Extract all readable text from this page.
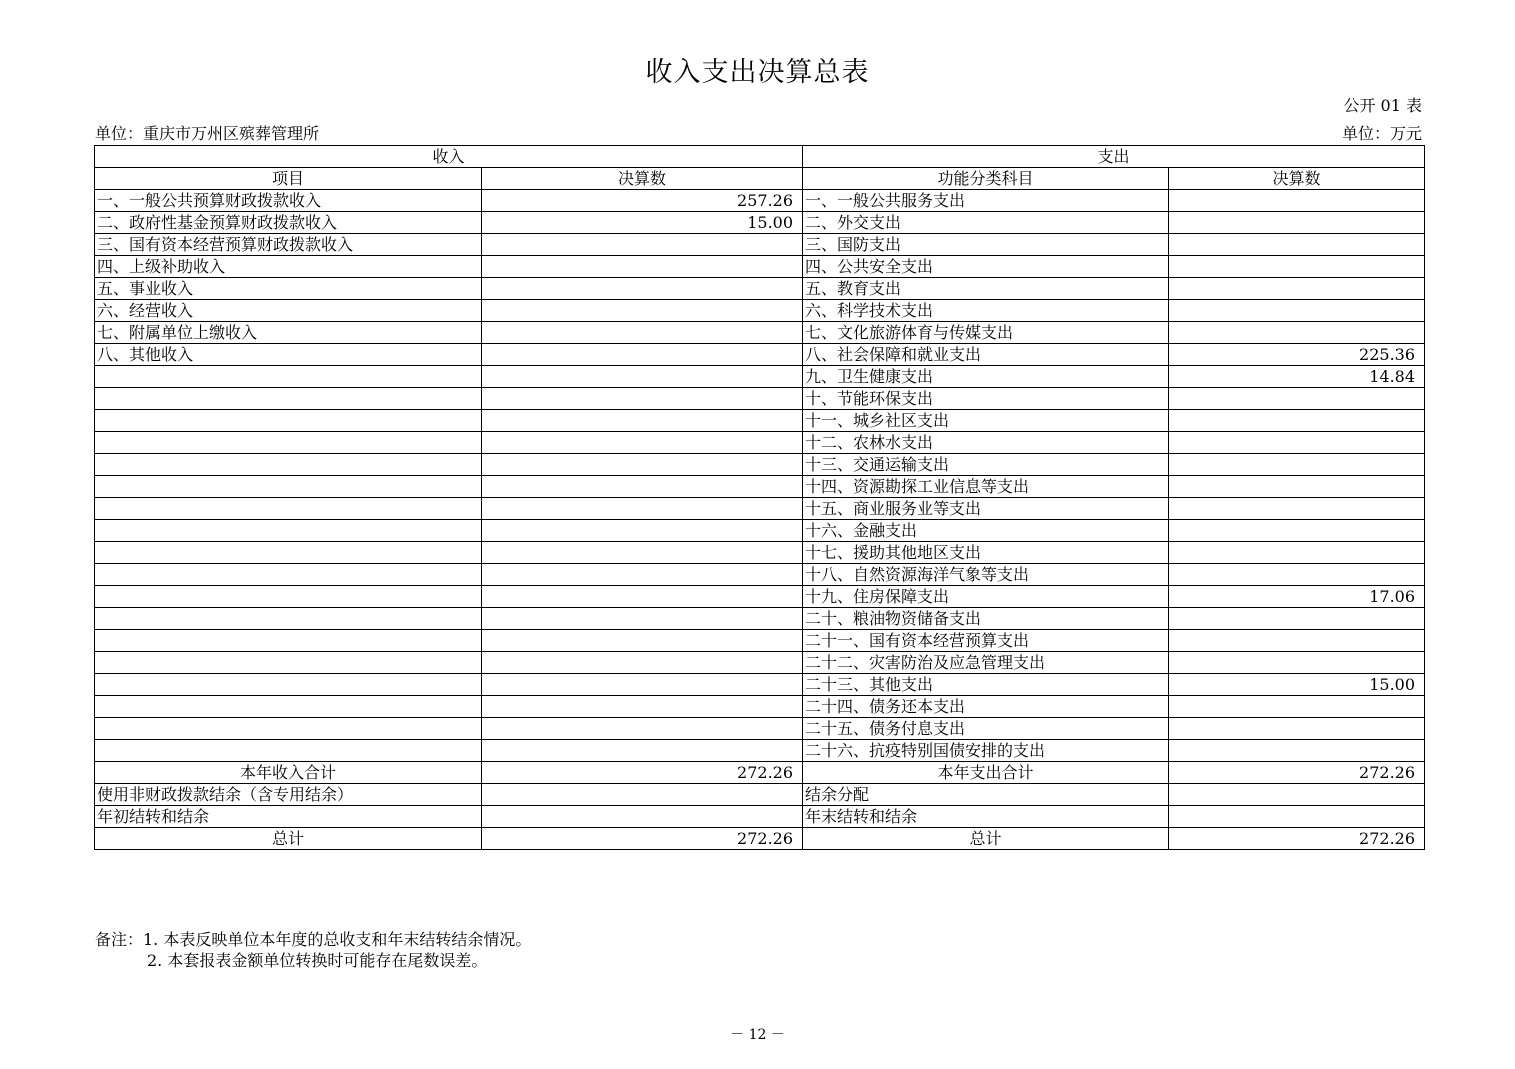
收入支出决算总表
公开 01 表
单位：重庆市万州区殡葬管理所	单位：万元
收入		支出	
项目	决算数	功能分类科目	决算数
一、一般公共预算财政拨款收入	257.26	一、一般公共服务支出	
二、政府性基金预算财政拨款收入	15.00	二、外交支出	
三、国有资本经营预算财政拨款收入		三、国防支出	
四、上级补助收入		四、公共安全支出	
五、事业收入		五、教育支出	
六、经营收入		六、科学技术支出	
七、附属单位上缴收入		七、文化旅游体育与传媒支出	
八、其他收入		八、社会保障和就业支出	225.36
		九、卫生健康支出	14.84
		十、节能环保支出	
		十一、城乡社区支出	
		十二、农林水支出	
		十三、交通运输支出	
		十四、资源勘探工业信息等支出	
		十五、商业服务业等支出	
		十六、金融支出	
		十七、援助其他地区支出	
		十八、自然资源海洋气象等支出	
		十九、住房保障支出	17.06
		二十、粮油物资储备支出	
		二十一、国有资本经营预算支出	
		二十二、灾害防治及应急管理支出	
		二十三、其他支出	15.00
		二十四、债务还本支出	
		二十五、债务付息支出	
		二十六、抗疫特别国债安排的支出	
本年收入合计	272.26	本年支出合计	272.26
使用非财政拨款结余（含专用结余）		结余分配	
年初结转和结余		年末结转和结余	
总计	272.26	总计	272.26
备注：1. 本表反映单位本年度的总收支和年末结转结余情况。
2. 本套报表金额单位转换时可能存在尾数误差。
－ 12 －
